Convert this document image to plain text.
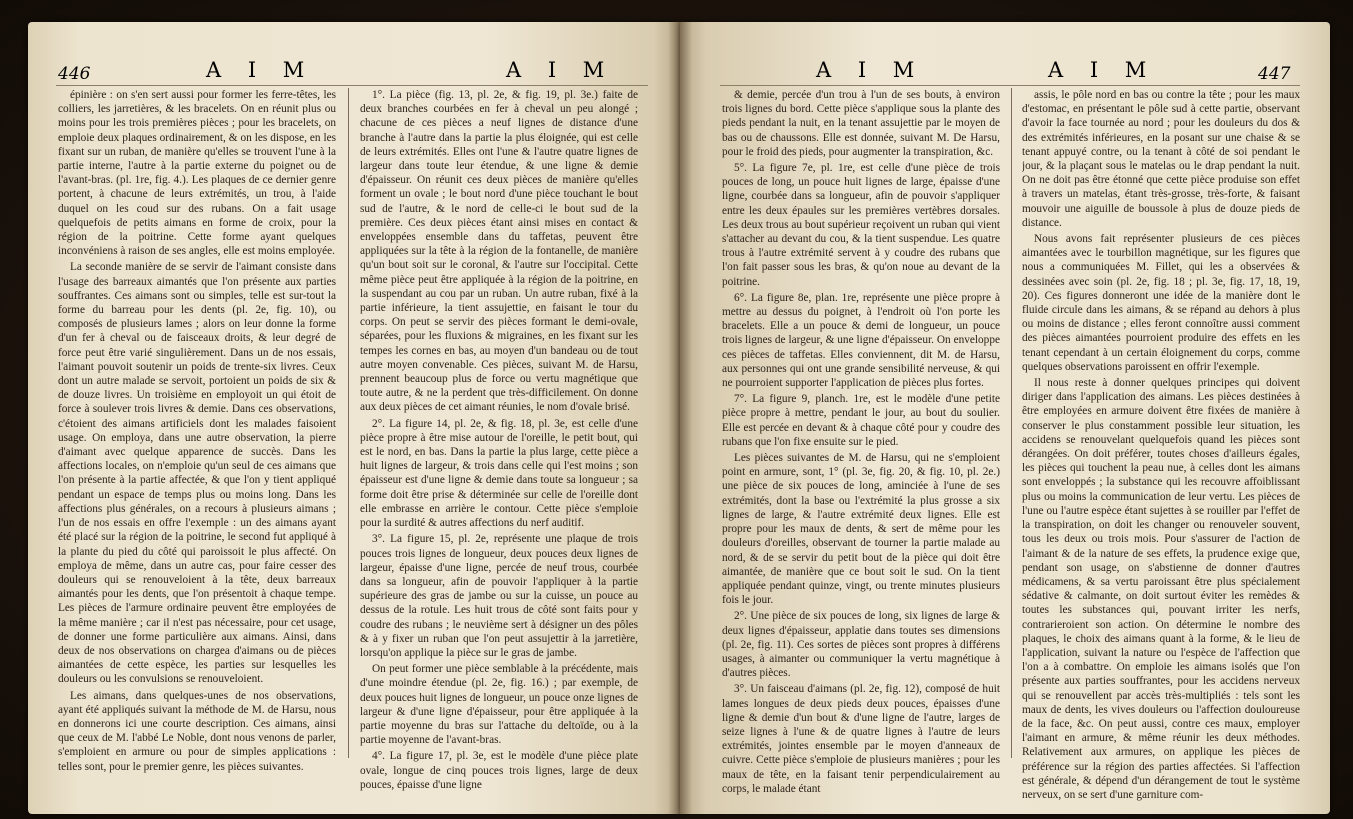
446	A I M	A I M

épinière : on s'en sert aussi pour former les ferre-têtes, les colliers, les jarretières, & les bracelets. On en réunit plus ou moins pour les trois premières pièces ; pour les bracelets, on emploie deux plaques ordinairement, & on les dispose, en les fixant sur un ruban, de manière qu'elles se trouvent l'une à la partie interne, l'autre à la partie externe du poignet ou de l'avant-bras. (pl. 1re, fig. 4.). Les plaques de ce dernier genre portent, à chacune de leurs extrémités, un trou, à l'aide duquel on les coud sur des rubans. On a fait usage quelquefois de petits aimans en forme de croix, pour la région de la poitrine. Cette forme ayant quelques inconvéniens à raison de ses angles, elle est moins employée.

La seconde manière de se servir de l'aimant consiste dans l'usage des barreaux aimantés que l'on présente aux parties souffrantes. Ces aimans sont ou simples, telle est sur-tout la forme du barreau pour les dents (pl. 2e, fig. 10), ou composés de plusieurs lames ; alors on leur donne la forme d'un fer à cheval ou de faisceaux droits, & leur degré de force peut être varié singulièrement. Dans un de nos essais, l'aimant pouvoit soutenir un poids de trente-six livres. Ceux dont un autre malade se servoit, portoient un poids de six & de douze livres. Un troisième en employoit un qui étoit de force à soulever trois livres & demie. Dans ces observations, c'étoient des aimans artificiels dont les malades faisoient usage. On employa, dans une autre observation, la pierre d'aimant avec quelque apparence de succès. Dans les affections locales, on n'emploie qu'un seul de ces aimans que l'on présente à la partie affectée, & que l'on y tient appliqué pendant un espace de temps plus ou moins long. Dans les affections plus générales, on a recours à plusieurs aimans ; l'un de nos essais en offre l'exemple : un des aimans ayant été placé sur la région de la poitrine, le second fut appliqué à la plante du pied du côté qui paroissoit le plus affecté. On employa de même, dans un autre cas, pour faire cesser des douleurs qui se renouveloient à la tête, deux barreaux aimantés pour les dents, que l'on présentoit à chaque tempe. Les pièces de l'armure ordinaire peuvent être employées de la même manière ; car il n'est pas nécessaire, pour cet usage, de donner une forme particulière aux aimans. Ainsi, dans deux de nos observations on chargea d'aimans ou de pièces aimantées de cette espèce, les parties sur lesquelles les douleurs ou les convulsions se renouveloient.

Les aimans, dans quelques-unes de nos observations, ayant été appliqués suivant la méthode de M. de Harsu, nous en donnerons ici une courte description. Ces aimans, ainsi que ceux de M. l'abbé Le Noble, dont nous venons de parler, s'emploient en armure ou pour de simples applications : telles sont, pour le premier genre, les pièces suivantes.

1°. La pièce (fig. 13, pl. 2e, & fig. 19, pl. 3e.) faite de deux branches courbées en fer à cheval un peu alongé ; chacune de ces pièces a neuf lignes de distance d'une branche à l'autre dans la partie la plus éloignée, qui est celle de leurs extrémités. Elles ont l'une & l'autre quatre lignes de largeur dans toute leur étendue, & une ligne & demie d'épaisseur. On réunit ces deux pièces de manière qu'elles forment un ovale ; le bout nord d'une pièce touchant le bout sud de l'autre, & le nord de celle-ci le bout sud de la première. Ces deux pièces étant ainsi mises en contact & enveloppées ensemble dans du taffetas, peuvent être appliquées sur la tête à la région de la fontanelle, de manière qu'un bout soit sur le coronal, & l'autre sur l'occipital. Cette même pièce peut être appliquée à la région de la poitrine, en la suspendant au cou par un ruban. Un autre ruban, fixé à la partie inférieure, la tient assujettie, en faisant le tour du corps. On peut se servir des pièces formant le demi-ovale, séparées, pour les fluxions & migraines, en les fixant sur les tempes les cornes en bas, au moyen d'un bandeau ou de tout autre moyen convenable. Ces pièces, suivant M. de Harsu, prennent beaucoup plus de force ou vertu magnétique que toute autre, & ne la perdent que très-difficilement. On donne aux deux pièces de cet aimant réunies, le nom d'ovale brisé.

2°. La figure 14, pl. 2e, & fig. 18, pl. 3e, est celle d'une pièce propre à être mise autour de l'oreille, le petit bout, qui est le nord, en bas. Dans la partie la plus large, cette pièce a huit lignes de largeur, & trois dans celle qui l'est moins ; son épaisseur est d'une ligne & demie dans toute sa longueur ; sa forme doit être prise & déterminée sur celle de l'oreille dont elle embrasse en arrière le contour. Cette pièce s'emploie pour la surdité & autres affections du nerf auditif.

3°. La figure 15, pl. 2e, représente une plaque de trois pouces trois lignes de longueur, deux pouces deux lignes de largeur, épaisse d'une ligne, percée de neuf trous, courbée dans sa longueur, afin de pouvoir l'appliquer à la partie supérieure des gras de jambe ou sur la cuisse, un pouce au dessus de la rotule. Les huit trous de côté sont faits pour y coudre des rubans ; le neuvième sert à désigner un des pôles & à y fixer un ruban que l'on peut assujettir à la jarretière, lorsqu'on applique la pièce sur le gras de jambe.

On peut former une pièce semblable à la précédente, mais d'une moindre étendue (pl. 2e, fig. 16.) ; par exemple, de deux pouces huit lignes de longueur, un pouce onze lignes de largeur & d'une ligne d'épaisseur, pour être appliquée à la partie moyenne du bras sur l'attache du deltoïde, ou à la partie moyenne de l'avant-bras.

4°. La figure 17, pl. 3e, est le modèle d'une pièce plate ovale, longue de cinq pouces trois lignes, large de deux pouces, épaisse d'une ligne

A I M	A I M	447

& demie, percée d'un trou à l'un de ses bouts, à environ trois lignes du bord. Cette pièce s'applique sous la plante des pieds pendant la nuit, en la tenant assujettie par le moyen de bas ou de chaussons. Elle est donnée, suivant M. De Harsu, pour le froid des pieds, pour augmenter la transpiration, &c.

5°. La figure 7e, pl. 1re, est celle d'une pièce de trois pouces de long, un pouce huit lignes de large, épaisse d'une ligne, courbée dans sa longueur, afin de pouvoir s'appliquer entre les deux épaules sur les premières vertèbres dorsales. Les deux trous au bout supérieur reçoivent un ruban qui vient s'attacher au devant du cou, & la tient suspendue. Les quatre trous à l'autre extrémité servent à y coudre des rubans que l'on fait passer sous les bras, & qu'on noue au devant de la poitrine.

6°. La figure 8e, plan. 1re, représente une pièce propre à mettre au dessus du poignet, à l'endroit où l'on porte les bracelets. Elle a un pouce & demi de longueur, un pouce trois lignes de largeur, & une ligne d'épaisseur. On enveloppe ces pièces de taffetas. Elles conviennent, dit M. de Harsu, aux personnes qui ont une grande sensibilité nerveuse, & qui ne pourroient supporter l'application de pièces plus fortes.

7°. La figure 9, planch. 1re, est le modèle d'une petite pièce propre à mettre, pendant le jour, au bout du soulier. Elle est percée en devant & à chaque côté pour y coudre des rubans que l'on fixe ensuite sur le pied.

Les pièces suivantes de M. de Harsu, qui ne s'emploient point en armure, sont, 1° (pl. 3e, fig. 20, & fig. 10, pl. 2e.) une pièce de six pouces de long, aminciée à l'une de ses extrémités, dont la base ou l'extrémité la plus grosse a six lignes de large, & l'autre extrémité deux lignes. Elle est propre pour les maux de dents, & sert de même pour les douleurs d'oreilles, observant de tourner la partie malade au nord, & de se servir du petit bout de la pièce qui doit être aimantée, de manière que ce bout soit le sud. On la tient appliquée pendant quinze, vingt, ou trente minutes plusieurs fois le jour.

2°. Une pièce de six pouces de long, six lignes de large & deux lignes d'épaisseur, applatie dans toutes ses dimensions (pl. 2e, fig. 11). Ces sortes de pièces sont propres à différens usages, à aimanter ou communiquer la vertu magnétique à d'autres pièces.

3°. Un faisceau d'aimans (pl. 2e, fig. 12), composé de huit lames longues de deux pieds deux pouces, épaisses d'une ligne & demie d'un bout & d'une ligne de l'autre, larges de seize lignes à l'une & de quatre lignes à l'autre de leurs extrémités, jointes ensemble par le moyen d'anneaux de cuivre. Cette pièce s'emploie de plusieurs manières ; pour les maux de tête, en la faisant tenir perpendiculairement au corps, le malade étant

assis, le pôle nord en bas ou contre la tête ; pour les maux d'estomac, en présentant le pôle sud à cette partie, observant d'avoir la face tournée au nord ; pour les douleurs du dos & des extrémités inférieures, en la posant sur une chaise & se tenant appuyé contre, ou la tenant à côté de soi pendant le jour, & la plaçant sous le matelas ou le drap pendant la nuit. On ne doit pas être étonné que cette pièce produise son effet à travers un matelas, étant très-grosse, très-forte, & faisant mouvoir une aiguille de boussole à plus de douze pieds de distance.

Nous avons fait représenter plusieurs de ces pièces aimantées avec le tourbillon magnétique, sur les figures que nous a communiquées M. Fillet, qui les a observées & dessinées avec soin (pl. 2e, fig. 18 ; pl. 3e, fig. 17, 18, 19, 20). Ces figures donneront une idée de la manière dont le fluide circule dans les aimans, & se répand au dehors à plus ou moins de distance ; elles feront connoître aussi comment des pièces aimantées pourroient produire des effets en les tenant cependant à un certain éloignement du corps, comme quelques observations paroissent en offrir l'exemple.

Il nous reste à donner quelques principes qui doivent diriger dans l'application des aimans. Les pièces destinées à être employées en armure doivent être fixées de manière à conserver le plus constamment possible leur situation, les accidens se renouvelant quelquefois quand les pièces sont dérangées. On doit préférer, toutes choses d'ailleurs égales, les pièces qui touchent la peau nue, à celles dont les aimans sont enveloppés ; la substance qui les recouvre affoiblissant plus ou moins la communication de leur vertu. Les pièces de l'une ou l'autre espèce étant sujettes à se rouiller par l'effet de la transpiration, on doit les changer ou renouveler souvent, tous les deux ou trois mois. Pour s'assurer de l'action de l'aimant & de la nature de ses effets, la prudence exige que, pendant son usage, on s'abstienne de donner d'autres médicamens, & sa vertu paroissant être plus spécialement sédative & calmante, on doit surtout éviter les remèdes & toutes les substances qui, pouvant irriter les nerfs, contrarieroient son action. On détermine le nombre des plaques, le choix des aimans quant à la forme, & le lieu de l'application, suivant la nature ou l'espèce de l'affection que l'on a à combattre. On emploie les aimans isolés que l'on présente aux parties souffrantes, pour les accidens nerveux qui se renouvellent par accès très-multipliés : tels sont les maux de dents, les vives douleurs ou l'affection douloureuse de la face, &c. On peut aussi, contre ces maux, employer l'aimant en armure, & même réunir les deux méthodes. Relativement aux armures, on applique les pièces de préférence sur la région des parties affectées. Si l'affection est générale, & dépend d'un dérangement de tout le système nerveux, on se sert d'une garniture com-
